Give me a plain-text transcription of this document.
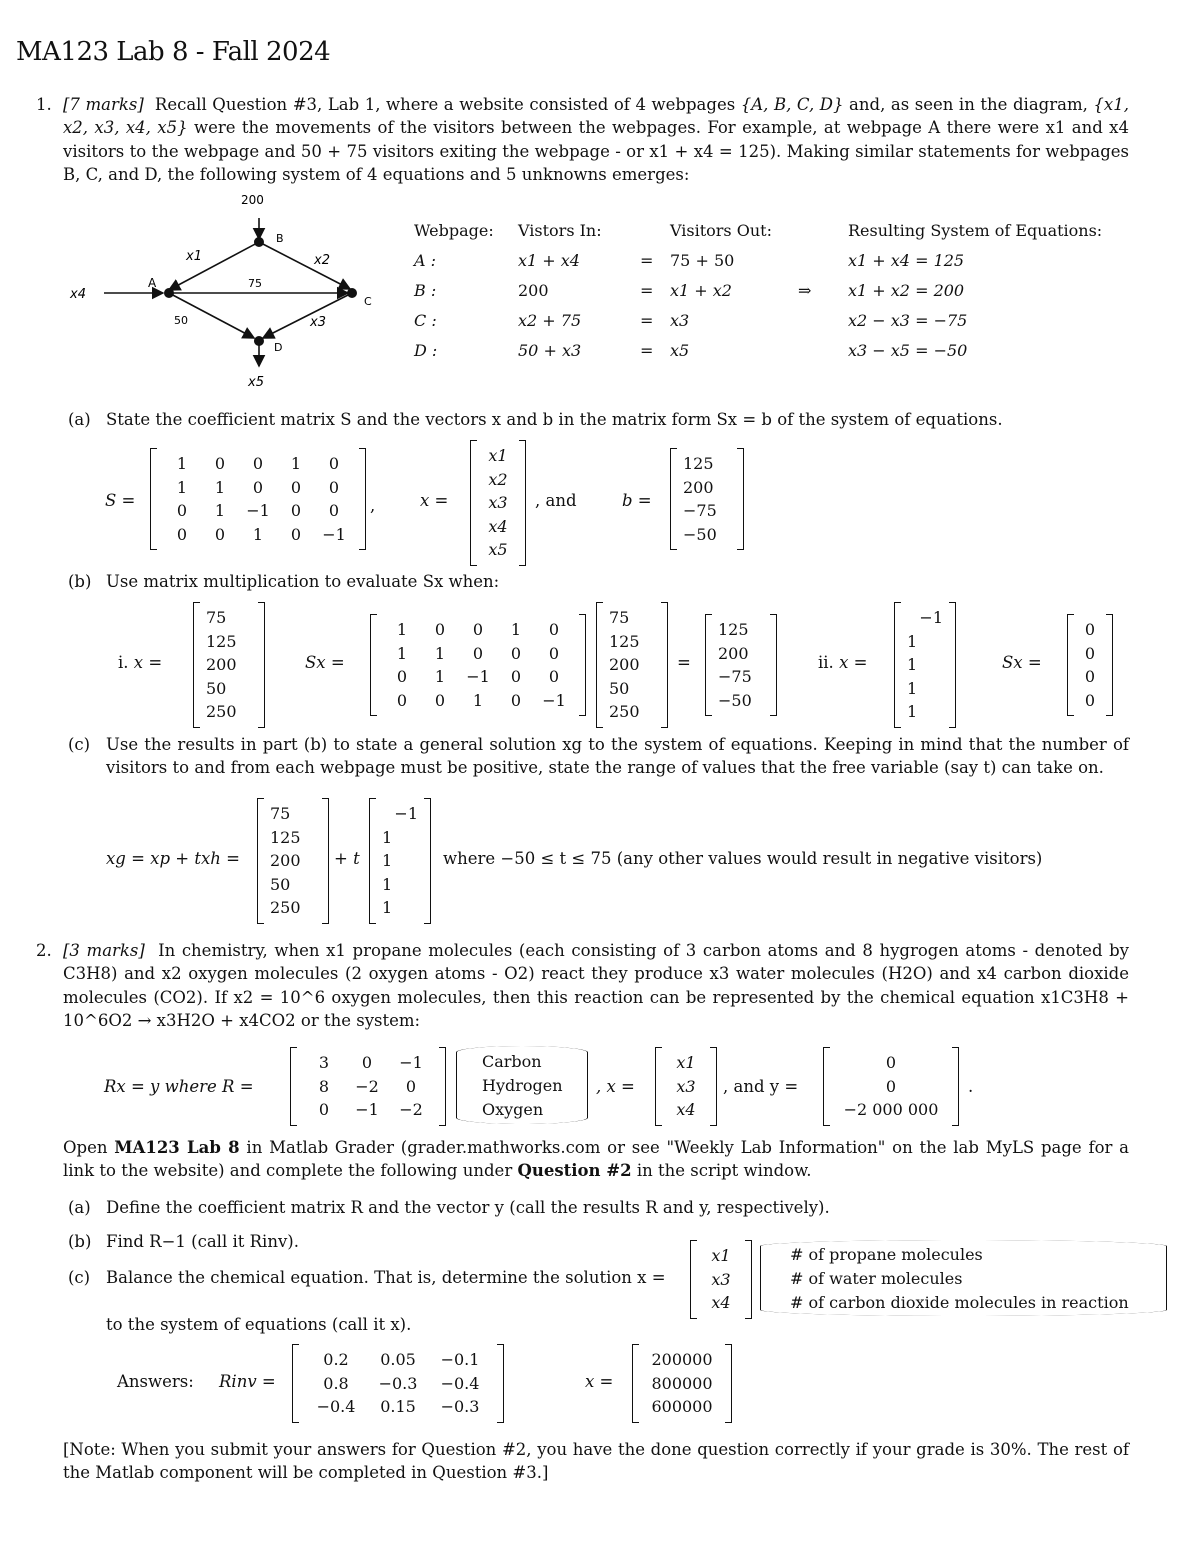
MA123 Lab 8 - Fall 2024
1. [7 marks] Recall Question #3, Lab 1, where a website consisted of 4 webpages {A, B, C, D} and, as seen in the diagram, {x1, x2, x3, x4, x5} were the movements of the visitors between the webpages. For example, at webpage A there were x1 and x4 visitors to the webpage and 50 + 75 visitors exiting the webpage - or x1 + x4 = 125). Making similar statements for webpages B, C, and D, the following system of 4 equations and 5 unknowns emerges:
A
B
C
D
200
x1	x2
x4
75
50	x3
x5
Webpage:	Vistors In:		Visitors Out:		Resulting System of Equations:
A :	x1 + x4	=	75 + 50		x1 + x4 = 125
B :	200	=	x1 + x2	⇒	x1 + x2 = 200
C :	x2 + 75	=	x3		x2 − x3 = −75
D :	50 + x3	=	x5		x3 − x5 = −50
(a) State the coefficient matrix S and the vectors x and b in the matrix form Sx = b of the system of equations.
S =
1	0	0	1	0
1	1	0	0	0
0	1	−1	0	0
0	0	1	0	−1
,	x =
x1
x2
x3
x4
x5
, and	b =
125
200
−75
−50
(b) Use matrix multiplication to evaluate Sx when:
i. x =
75
125
200
50
250
Sx =
1	0	0	1	0
1	1	0	0	0
0	1	−1	0	0
0	0	1	0	−1
75
125
200
50
250
=
125
200
−75
−50
ii. x =
−1
1
1
1
1
Sx =
0
0
0
0
(c) Use the results in part (b) to state a general solution xg to the system of equations. Keeping in mind that the number of visitors to and from each webpage must be positive, state the range of values that the free variable (say t) can take on.
xg = xp + txh =
75
125
200
50
250
+ t
−1
1
1
1
1
where −50 ≤ t ≤ 75 (any other values would result in negative visitors)
2. [3 marks] In chemistry, when x1 propane molecules (each consisting of 3 carbon atoms and 8 hygrogen atoms - denoted by C3H8) and x2 oxygen molecules (2 oxygen atoms - O2) react they produce x3 water molecules (H2O) and x4 carbon dioxide molecules (CO2). If x2 = 10^6 oxygen molecules, then this reaction can be represented by the chemical equation x1C3H8 + 10^6O2 → x3H2O + x4CO2 or the system:
Rx = y where R =
3	0	−1
8	−2	0
0	−1	−2
Carbon
Hydrogen
Oxygen
, x =
x1
x3
x4
, and y =
0
0
−2 000 000
.
Open MA123 Lab 8 in Matlab Grader (grader.mathworks.com or see "Weekly Lab Information" on the lab MyLS page for a link to the website) and complete the following under Question #2 in the script window.
(a) Define the coefficient matrix R and the vector y (call the results R and y, respectively).
(b) Find R−1 (call it Rinv).
(c) Balance the chemical equation. That is, determine the solution x =
x1
x3
x4
# of propane molecules
# of water molecules
# of carbon dioxide molecules in reaction
to the system of equations (call it x).
Answers: Rinv =
0.2	0.05	−0.1
0.8	−0.3	−0.4
−0.4	0.15	−0.3
x =
200000
800000
600000
[Note: When you submit your answers for Question #2, you have the done question correctly if your grade is 30%. The rest of the Matlab component will be completed in Question #3.]
